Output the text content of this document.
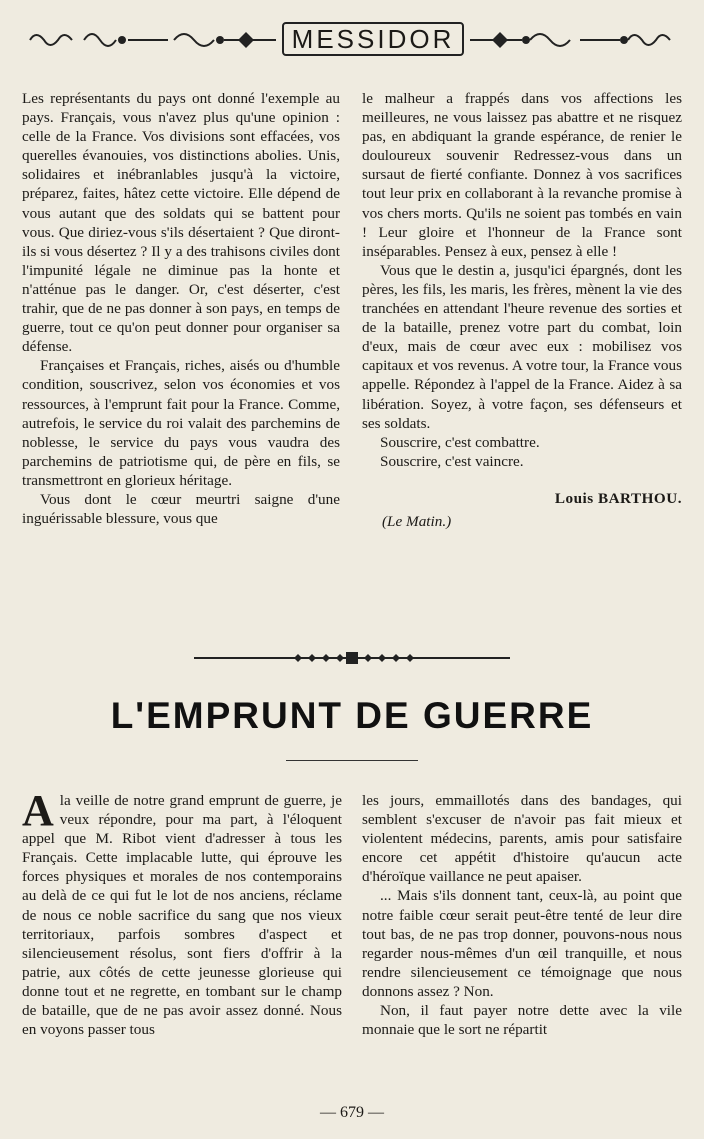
MESSIDOR

Les représentants du pays ont donné l'exemple au pays. Français, vous n'avez plus qu'une opinion : celle de la France. Vos divisions sont effacées, vos querelles évanouies, vos distinctions abolies. Unis, solidaires et inébranlables jusqu'à la victoire, préparez, faites, hâtez cette victoire. Elle dépend de vous autant que des soldats qui se battent pour vous. Que diriez-vous s'ils désertaient ? Que diront-ils si vous désertez ? Il y a des trahisons civiles dont l'impunité légale ne diminue pas la honte et n'atténue pas le danger. Or, c'est déserter, c'est trahir, que de ne pas donner à son pays, en temps de guerre, tout ce qu'on peut donner pour organiser sa défense.

Françaises et Français, riches, aisés ou d'humble condition, souscrivez, selon vos économies et vos ressources, à l'emprunt fait pour la France. Comme, autrefois, le service du roi valait des parchemins de noblesse, le service du pays vous vaudra des parchemins de patriotisme qui, de père en fils, se transmettront en glorieux héritage.

Vous dont le cœur meurtri saigne d'une inguérissable blessure, vous que

le malheur a frappés dans vos affections les meilleures, ne vous laissez pas abattre et ne risquez pas, en abdiquant la grande espérance, de renier le douloureux souvenir Redressez-vous dans un sursaut de fierté confiante. Donnez à vos sacrifices tout leur prix en collaborant à la revanche promise à vos chers morts. Qu'ils ne soient pas tombés en vain ! Leur gloire et l'honneur de la France sont inséparables. Pensez à eux, pensez à elle !

Vous que le destin a, jusqu'ici épargnés, dont les pères, les fils, les maris, les frères, mènent la vie des tranchées en attendant l'heure revenue des sorties et de la bataille, prenez votre part du combat, loin d'eux, mais de cœur avec eux : mobilisez vos capitaux et vos revenus. A votre tour, la France vous appelle. Répondez à l'appel de la France. Aidez à sa libération. Soyez, à votre façon, ses défenseurs et ses soldats.

Souscrire, c'est combattre.

Souscrire, c'est vaincre.

Louis BARTHOU.

(Le Matin.)

L'EMPRUNT DE GUERRE

Ala veille de notre grand emprunt de guerre, je veux répondre, pour ma part, à l'éloquent appel que M. Ribot vient d'adresser à tous les Français. Cette implacable lutte, qui éprouve les forces physiques et morales de nos contemporains au delà de ce qui fut le lot de nos anciens, réclame de nous ce noble sacrifice du sang que nos vieux territoriaux, parfois sombres d'aspect et silencieusement résolus, sont fiers d'offrir à la patrie, aux côtés de cette jeunesse glorieuse qui donne tout et ne regrette, en tombant sur le champ de bataille, que de ne pas avoir assez donné. Nous en voyons passer tous

les jours, emmaillotés dans des bandages, qui semblent s'excuser de n'avoir pas fait mieux et violentent médecins, parents, amis pour satisfaire encore cet appétit d'histoire qu'aucun acte d'héroïque vaillance ne peut apaiser.

... Mais s'ils donnent tant, ceux-là, au point que notre faible cœur serait peut-être tenté de leur dire tout bas, de ne pas trop donner, pouvons-nous nous regarder nous-mêmes d'un œil tranquille, et nous rendre silencieusement ce témoignage que nous donnons assez ? Non.

Non, il faut payer notre dette avec la vile monnaie que le sort ne répartit

— 679 —
